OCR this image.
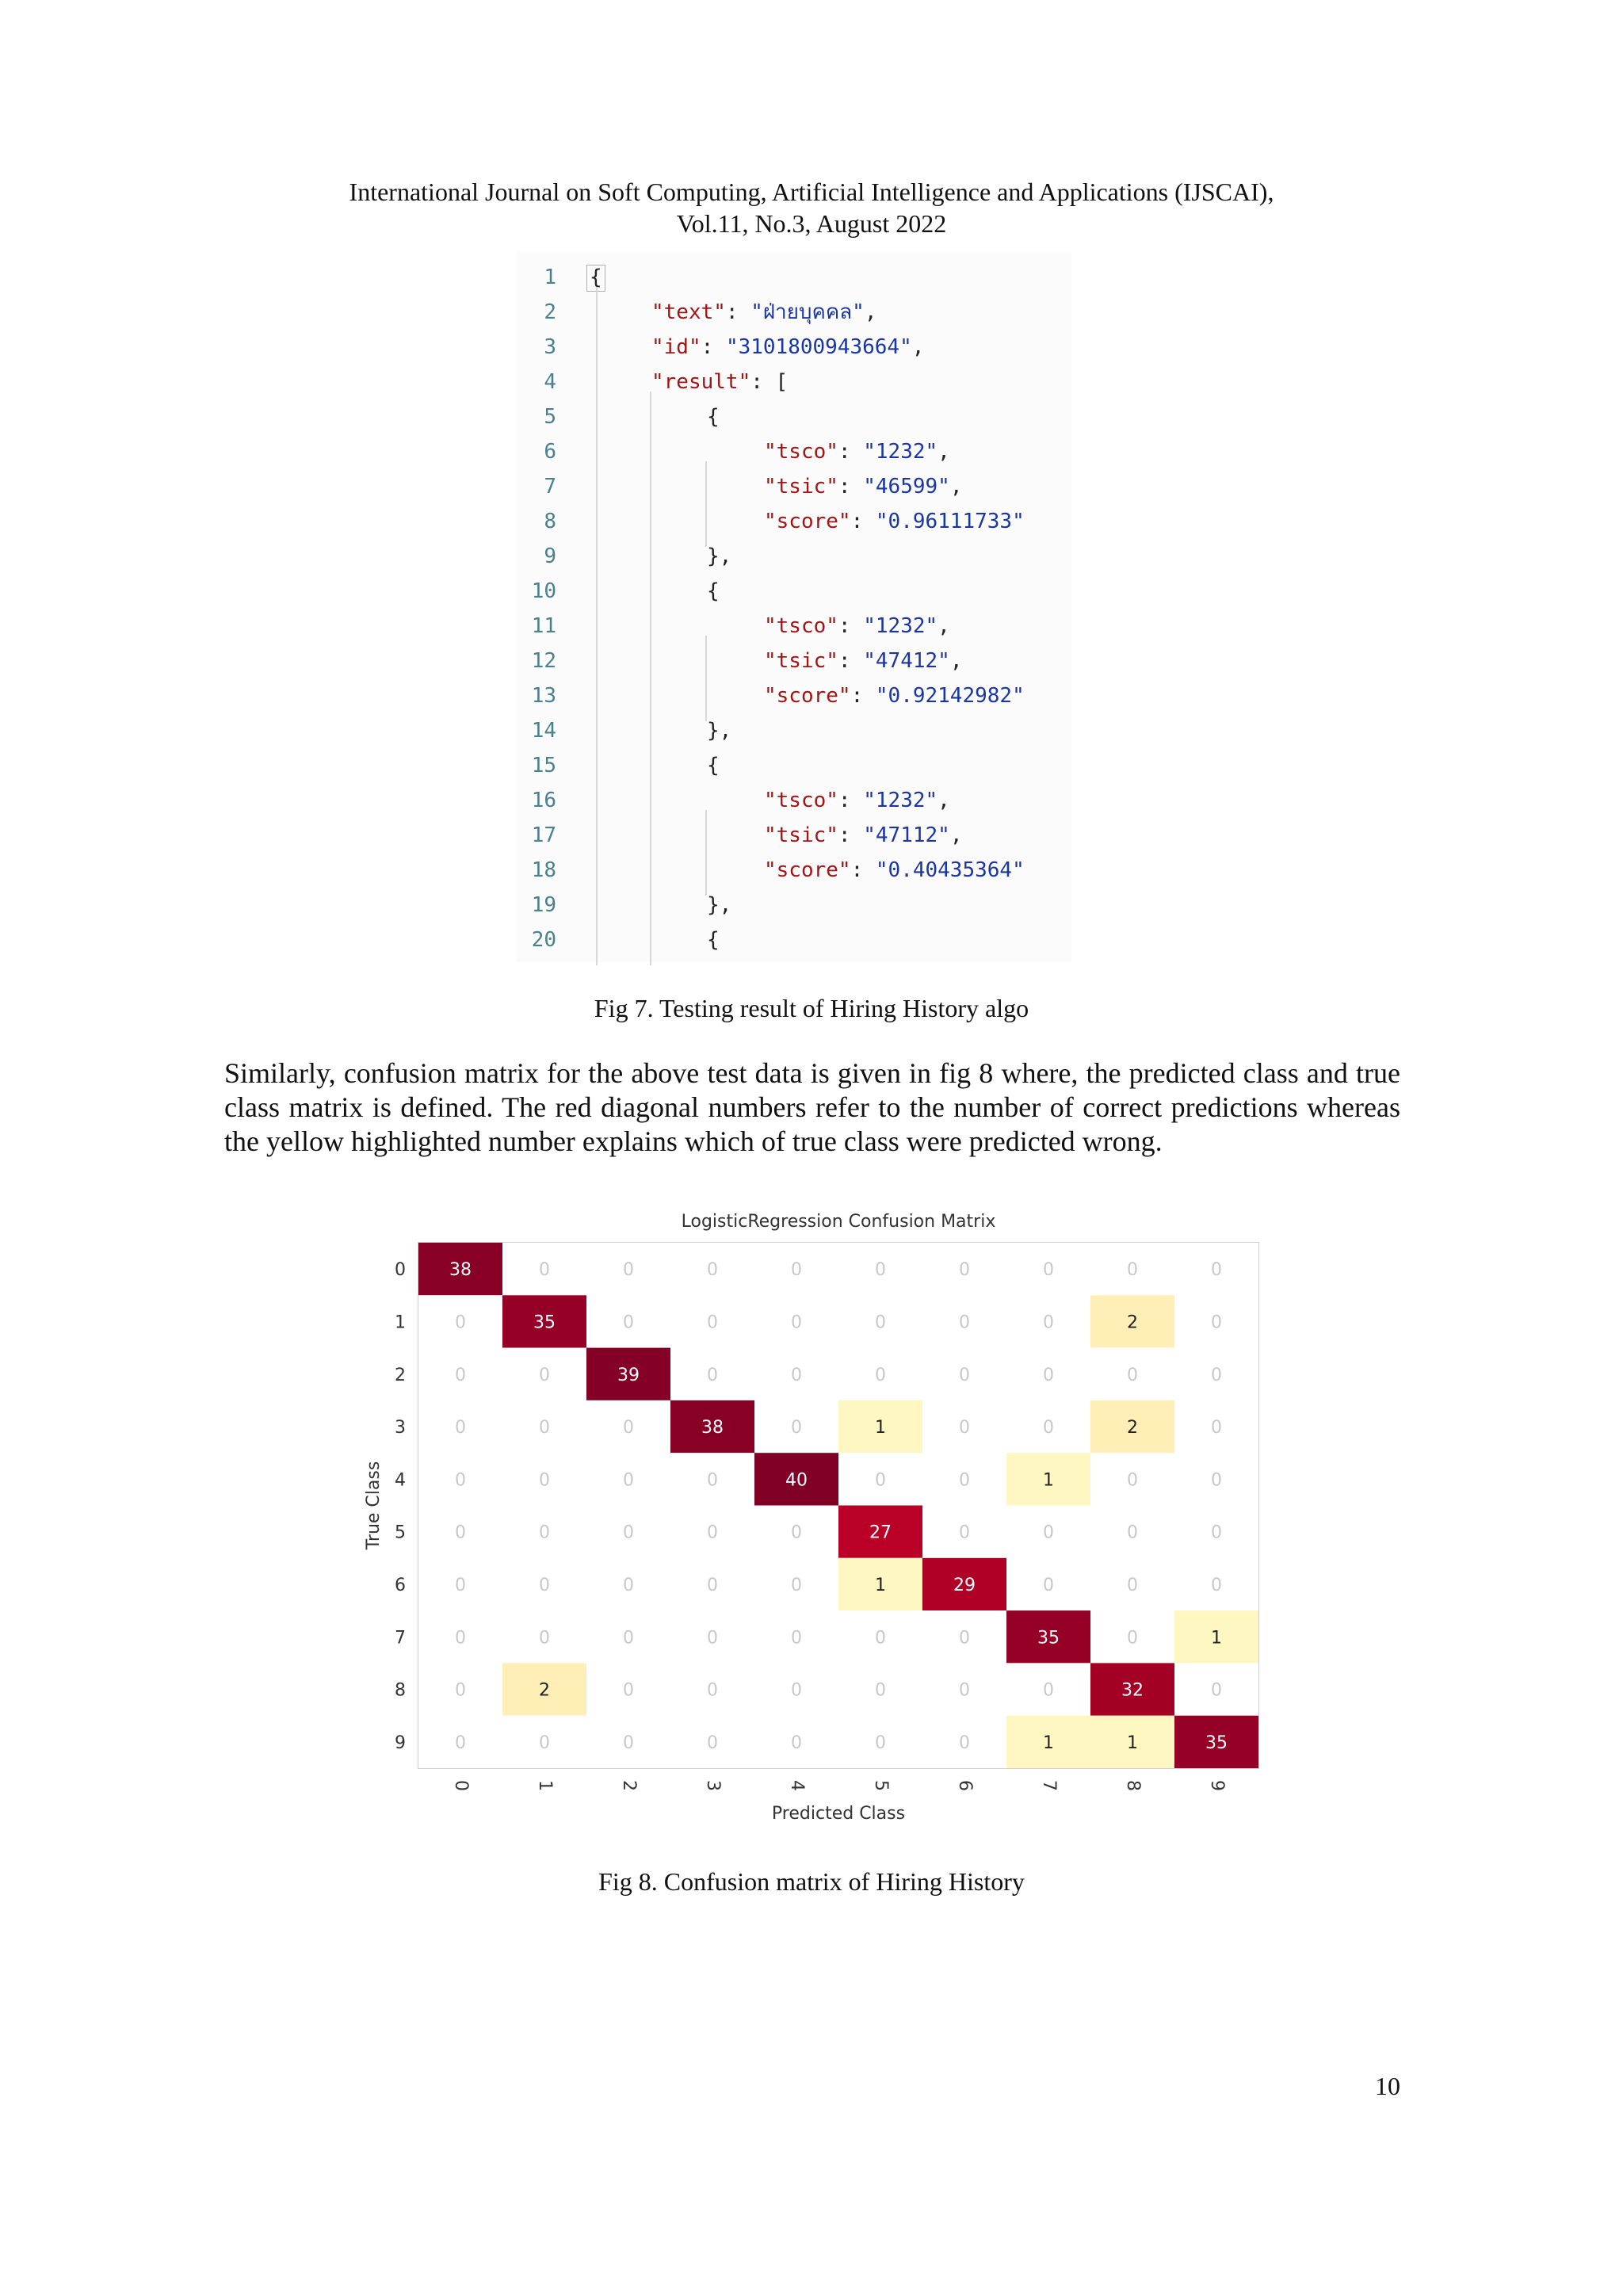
International Journal on Soft Computing, Artificial Intelligence and Applications (IJSCAI),
Vol.11, No.3, August 2022
1 {
2	"text": "ฝ่ายบุคคล",
3	"id": "3101800943664",
4	"result": [
5	{
6	"tsco": "1232",
7	"tsic": "46599",
8	"score": "0.96111733"
9	},
10	{
11	"tsco": "1232",
12	"tsic": "47412",
13	"score": "0.92142982"
14	},
15	{
16	"tsco": "1232",
17	"tsic": "47112",
18	"score": "0.40435364"
19	},
20	{
Fig 7. Testing result of Hiring History algo
Similarly, confusion matrix for the above test data is given in fig 8 where, the predicted class and true class matrix is defined. The red diagonal numbers refer to the number of correct predictions whereas the yellow highlighted number explains which of true class were predicted wrong.
LogisticRegression Confusion Matrix
38	0	0	0	0	0	0	0	0	0
0	35	0	0	0	0	0	0	2	0
0	0	39	0	0	0	0	0	0	0
0	0	0	38	0	1	0	0	2	0
0	0	0	0	40	0	0	1	0	0
0	0	0	0	0	27	0	0	0	0
0	0	0	0	0	1	29	0	0	0
0	0	0	0	0	0	0	35	0	1
0	2	0	0	0	0	0	0	32	0
0	0	0	0	0	0	0	1	1	35
0
1
2
3
4
5
6
7
8
9
0	1	2	3	4	5	6	7	8	9
Predicted Class
True Class
Fig 8. Confusion matrix of Hiring History
10
